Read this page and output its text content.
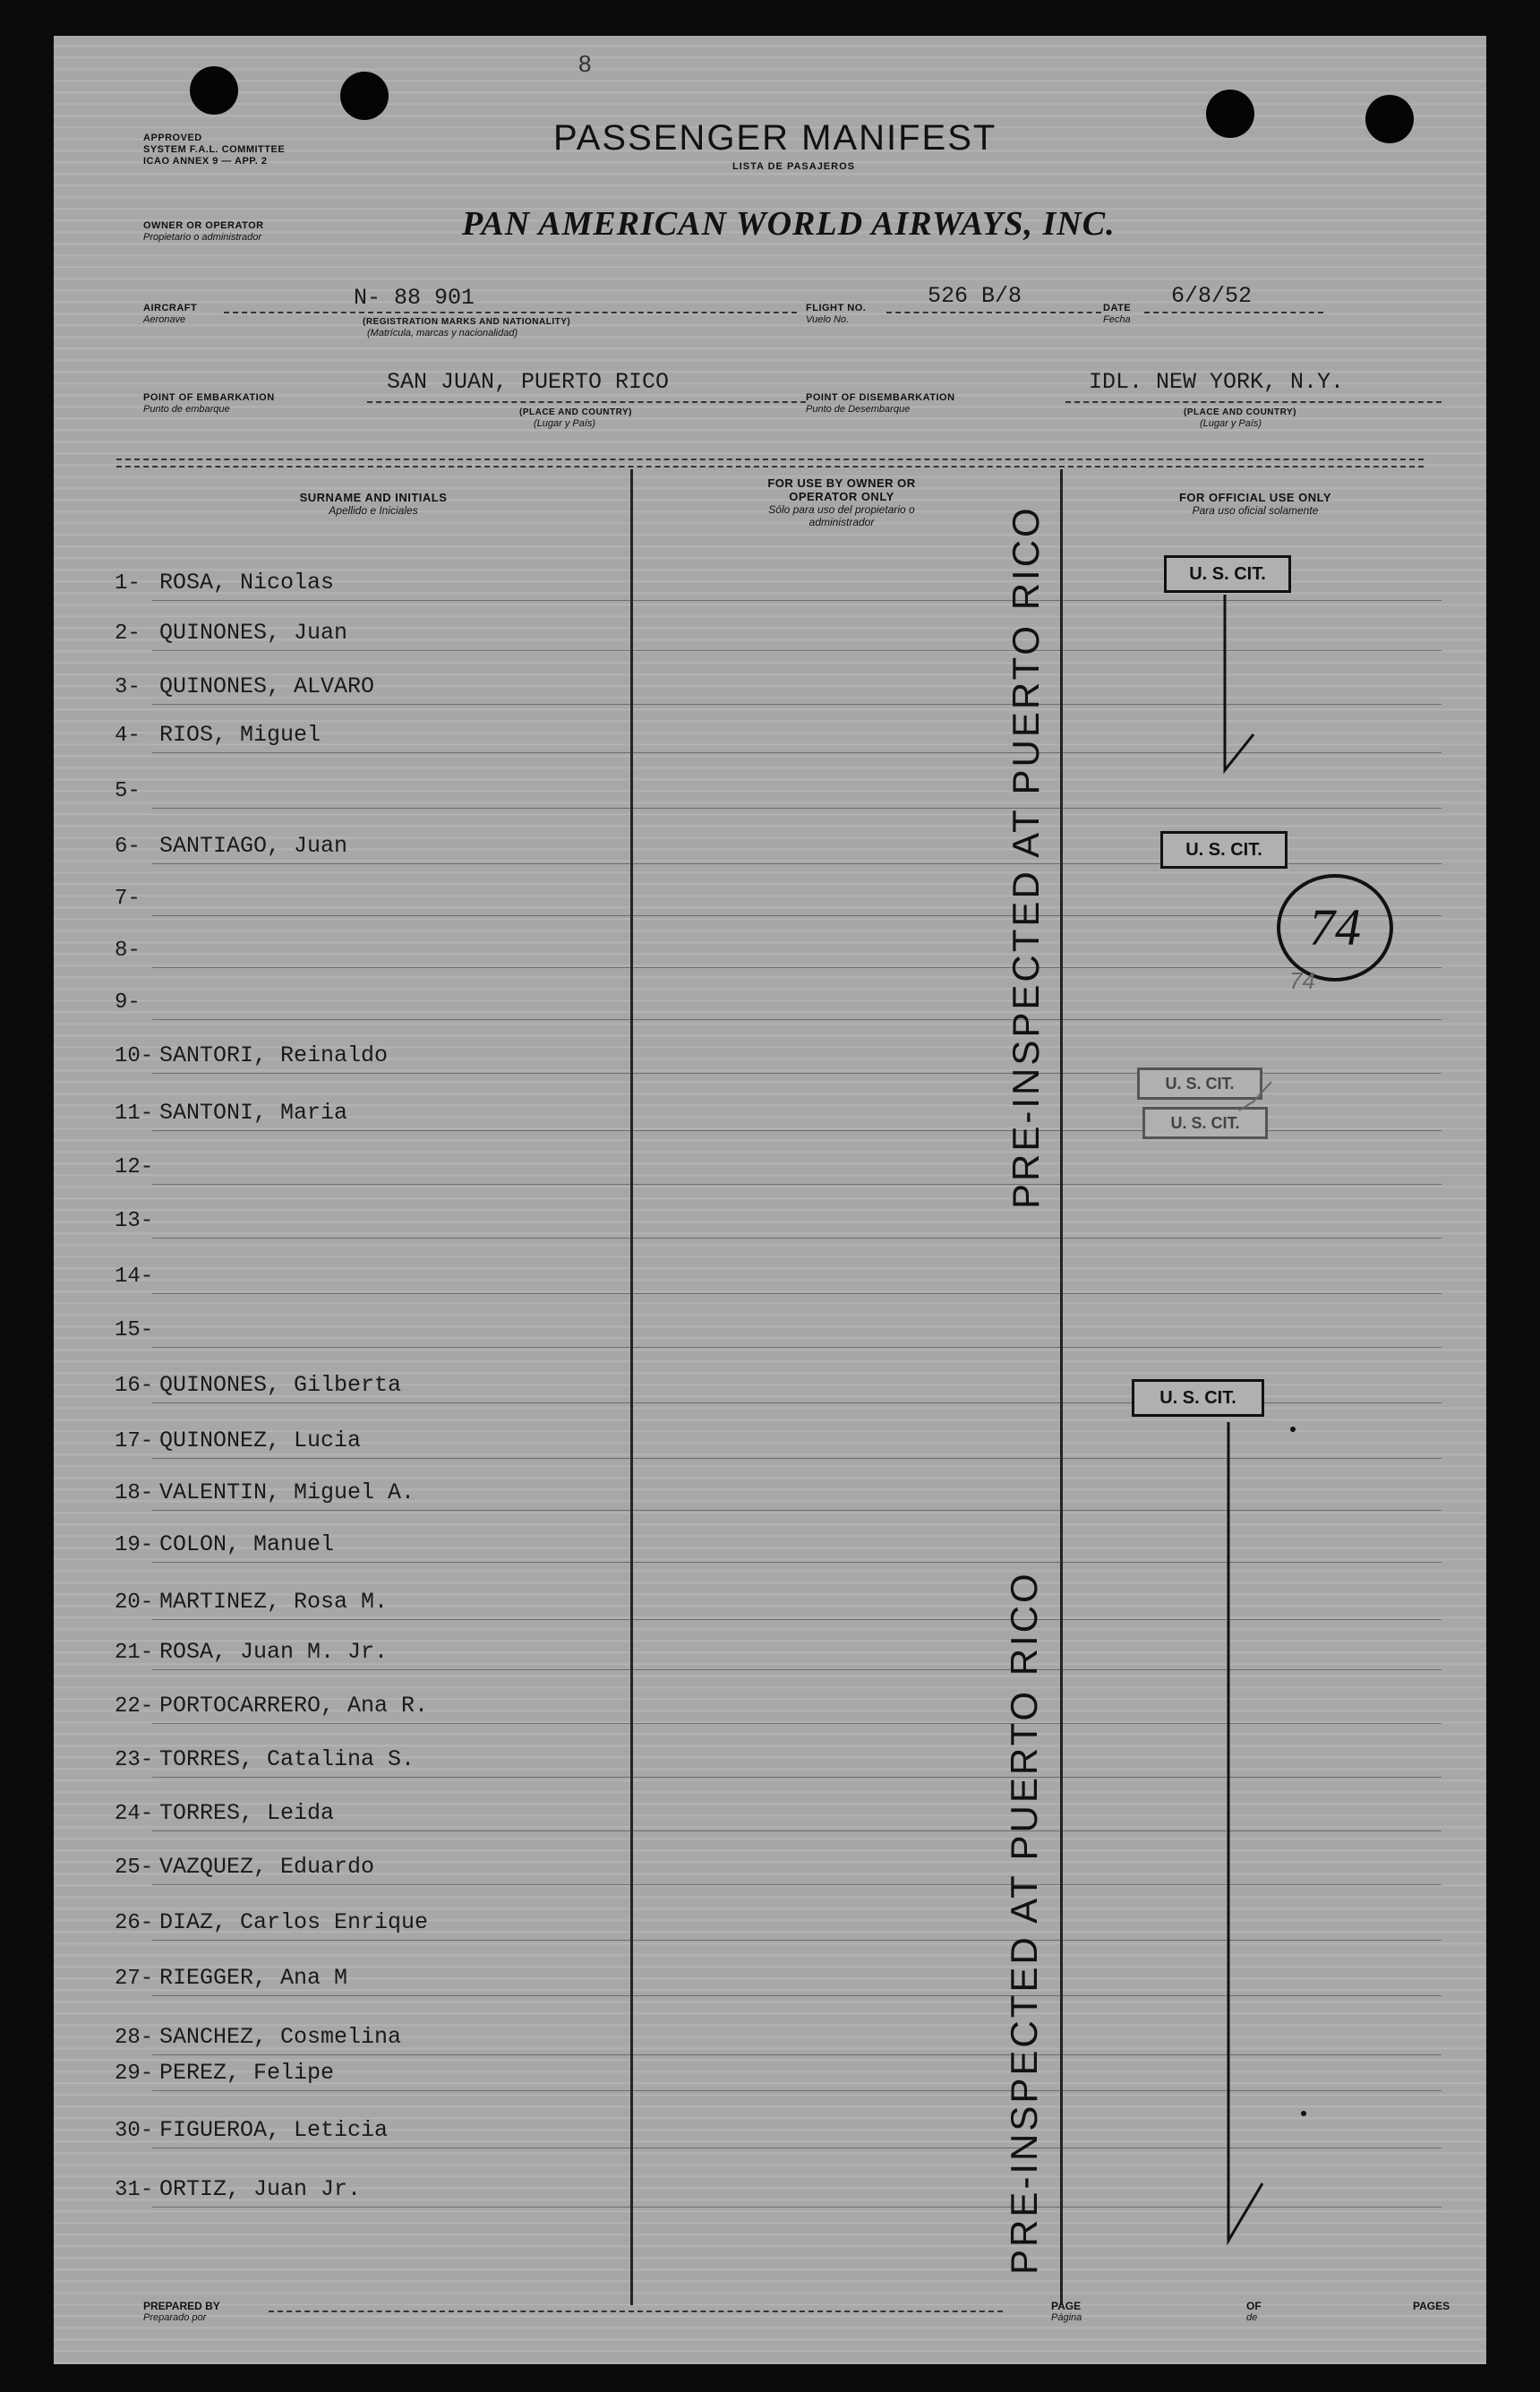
8
APPROVED
SYSTEM F.A.L. COMMITTEE
ICAO ANNEX 9 — APP. 2
PASSENGER MANIFEST
LISTA DE PASAJEROS
OWNER OR OPERATOR
Propietario o administrador	PAN AMERICAN WORLD AIRWAYS, INC.
AIRCRAFT
Aeronave
N- 88 901
(REGISTRATION MARKS AND NATIONALITY)
(Matrícula, marcas y nacionalidad)
FLIGHT NO.
Vuelo No.
526 B/8	DATE
Fecha
6/8/52
POINT OF EMBARKATION
Punto de embarque
SAN JUAN, PUERTO RICO
(PLACE AND COUNTRY)
(Lugar y País)
POINT OF DISEMBARKATION
Punto de Desembarque
IDL. NEW YORK, N.Y.
(PLACE AND COUNTRY)
(Lugar y País)
SURNAME AND INITIALS
Apellido e Iniciales
FOR USE BY OWNER OR OPERATOR ONLY
Sólo para uso del propietario o administrador
FOR OFFICIAL USE ONLY
Para uso oficial solamente
1- ROSA, Nicolas
2- QUINONES, Juan
3- QUINONES, ALVARO
4- RIOS, Miguel
5-
6- SANTIAGO, Juan
7-
8-
9-
10- SANTORI, Reinaldo
11- SANTONI, Maria
12-
13-
14-
15-
16- QUINONES, Gilberta
17- QUINONEZ, Lucia
18- VALENTIN, Miguel A.
19- COLON, Manuel
20- MARTINEZ, Rosa M.
21- ROSA, Juan M. Jr.
22- PORTOCARRERO, Ana R.
23- TORRES, Catalina S.
24- TORRES, Leida
25- VAZQUEZ, Eduardo
26- DIAZ, Carlos Enrique
27- RIEGGER, Ana M
28- SANCHEZ, Cosmelina
29- PEREZ, Felipe
30- FIGUEROA, Leticia
31- ORTIZ, Juan Jr.
PRE-INSPECTED AT PUERTO RICO
PRE-INSPECTED AT PUERTO RICO
U. S. CIT.
U. S. CIT.
U. S. CIT.
U. S. CIT.
U. S. CIT.
74
74
PREPARED BY
Preparado por
PAGE
Página
OF
de
PAGES
